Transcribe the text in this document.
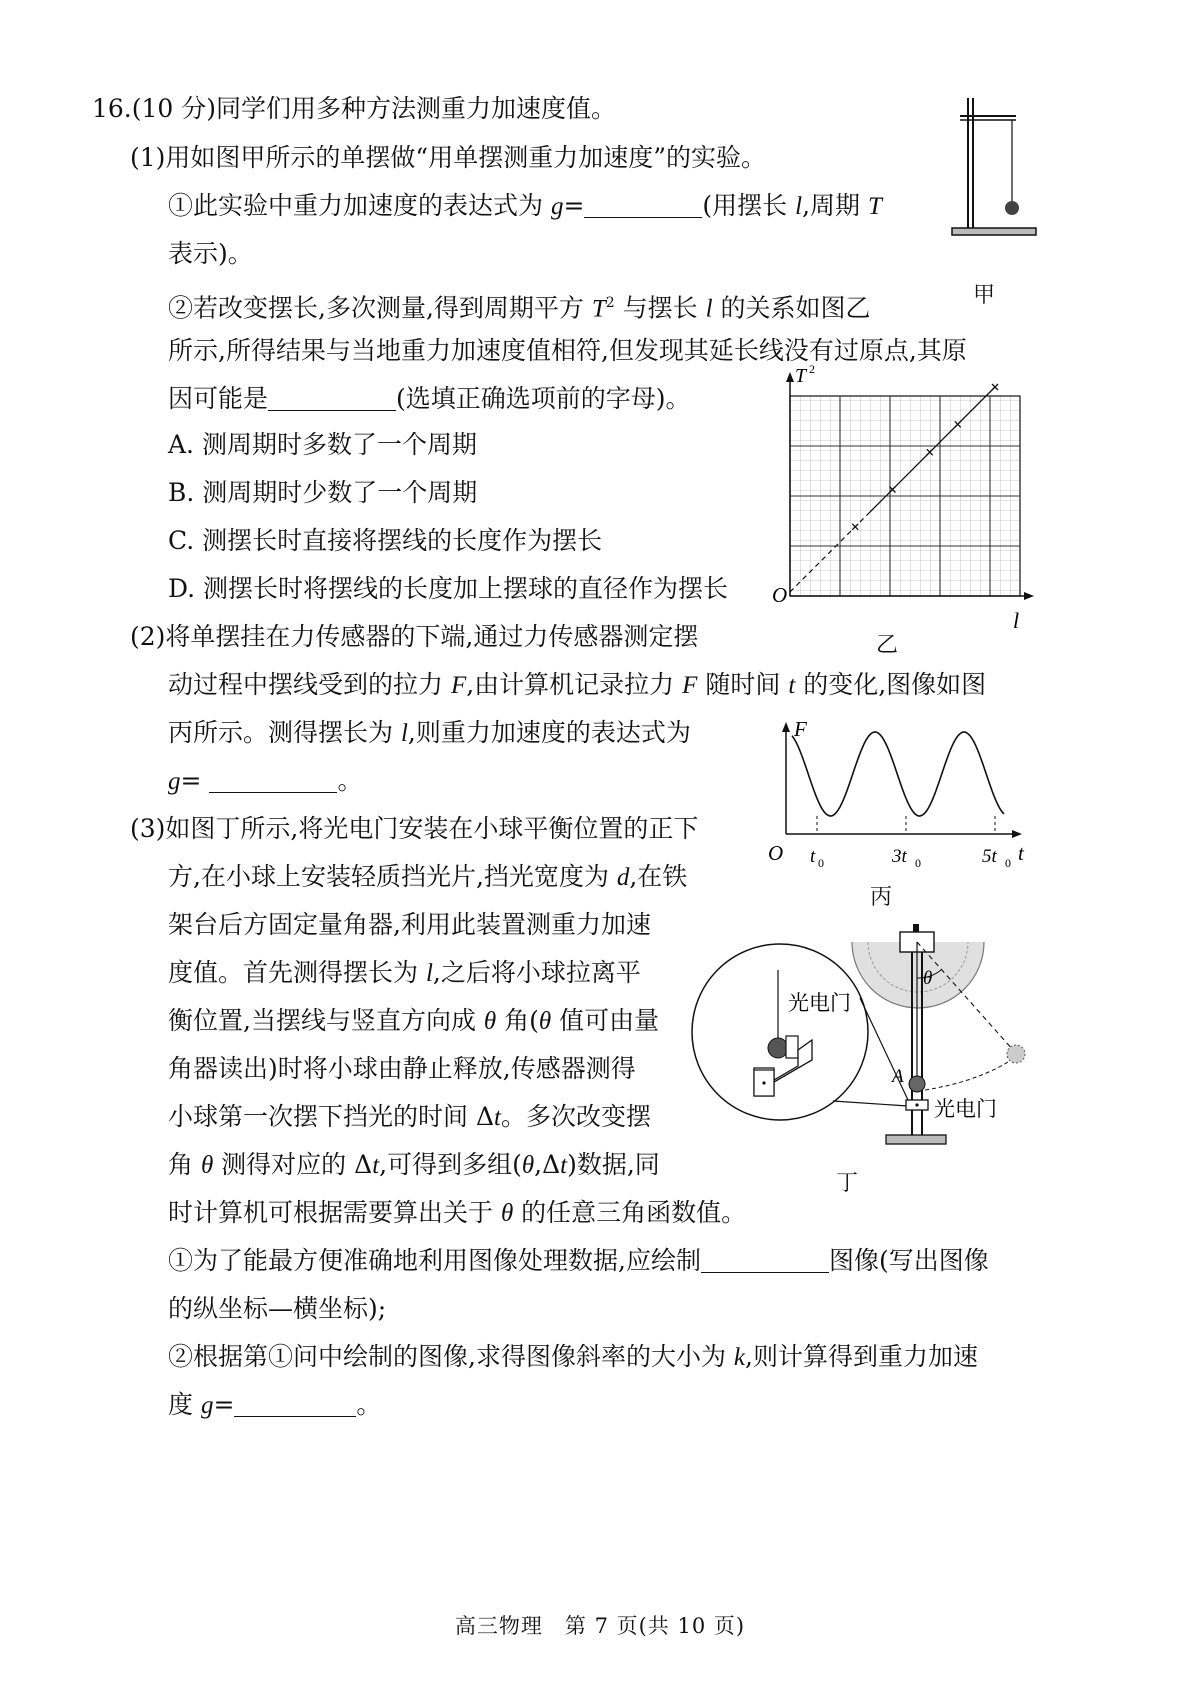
16.(10 分)同学们用多种方法测重力加速度值。
(1)用如图甲所示的单摆做“用单摆测重力加速度”的实验。
①此实验中重力加速度的表达式为 g=	(用摆长 l,周期 T
表示)。
②若改变摆长,多次测量,得到周期平方 $T^2$ 与摆长 l 的关系如图乙
所示,所得结果与当地重力加速度值相符,但发现其延长线没有过原点,其原
因可能是	(选填正确选项前的字母)。
A. 测周期时多数了一个周期
B. 测周期时少数了一个周期
C. 测摆长时直接将摆线的长度作为摆长
D. 测摆长时将摆线的长度加上摆球的直径作为摆长
(2)将单摆挂在力传感器的下端,通过力传感器测定摆
动过程中摆线受到的拉力 F,由计算机记录拉力 F 随时间 t 的变化,图像如图
丙所示。测得摆长为 l,则重力加速度的表达式为
g=	。
(3)如图丁所示,将光电门安装在小球平衡位置的正下
方,在小球上安装轻质挡光片,挡光宽度为 d,在铁
架台后方固定量角器,利用此装置测重力加速
度值。首先测得摆长为 l,之后将小球拉离平
衡位置,当摆线与竖直方向成 θ 角(θ 值可由量
角器读出)时将小球由静止释放,传感器测得
小球第一次摆下挡光的时间 Δt。多次改变摆
角 θ 测得对应的 Δt,可得到多组(θ,Δt)数据,同
时计算机可根据需要算出关于 θ 的任意三角函数值。
①为了能最方便准确地利用图像处理数据,应绘制	图像(写出图像
的纵坐标—横坐标);
②根据第①问中绘制的图像,求得图像斜率的大小为 k,则计算得到重力加速
度 g=	。
甲
O
T 2
l
乙
O
F
t
t 0	3t 0	5t 0
丙
光电门
θ
A
光电门
丁
高三物理　第 7 页(共 10 页)
